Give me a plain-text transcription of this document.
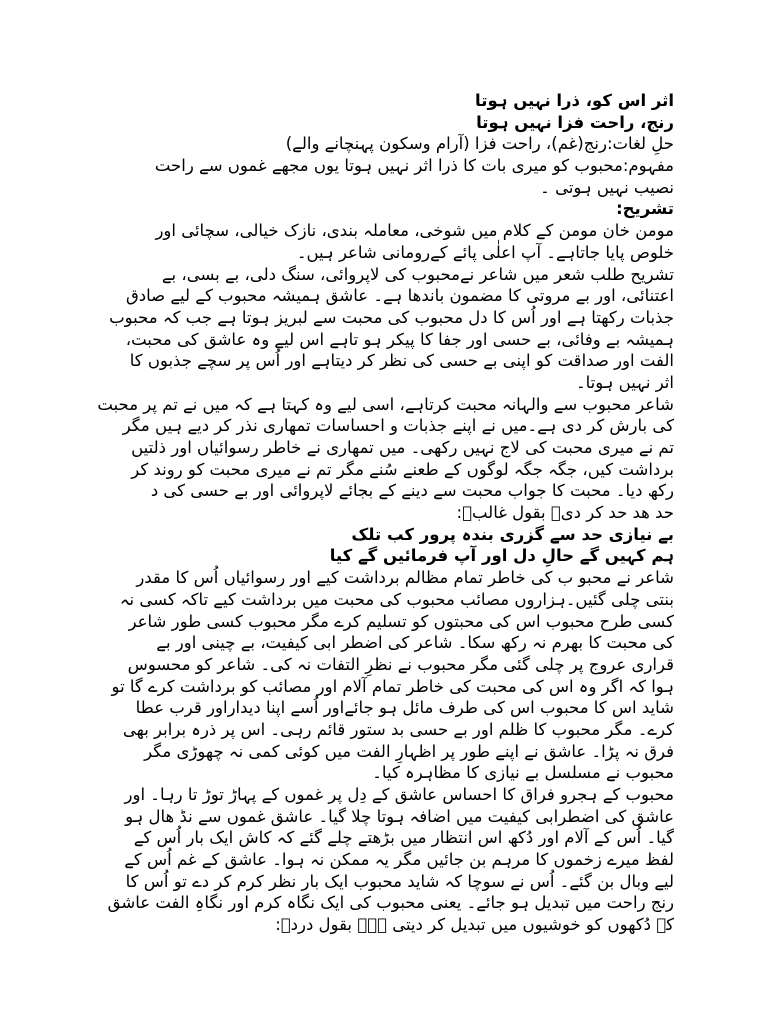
اثر اس کو، ذرا نہیں ہوتا
رنج، راحت فزا نہیں ہوتا
حلِ لغات:رنج(غم)، راحت فزا (آرام وسکون پہنچانے والے)
مفہوم:محبوب کو میری بات کا ذرا اثر نہیں ہوتا یوں مجھے غموں سے راحت
نصیب نہیں ہوتی ۔
تشریح:
مومن خان مومن کے کلام میں شوخی، معاملہ بندی، نازک خیالی، سچائی اور
خلوص پایا جاتاہے۔ آپ اعلٰی پائے کےرومانی شاعر ہیں۔
تشریح طلب شعر میں شاعر نےمحبوب کی لاپروائی، سنگ دلی، بے بسی، بے
اعتنائی، اور بے مروتی کا مضمون باندھا ہے۔ عاشق ہمیشہ محبوب کے لیے صادق
جذبات رکھتا ہے اور اُس کا دل محبوب کی محبت سے لبریز ہوتا ہے جب کہ محبوب
ہمیشہ بے وفائی، بے حسی اور جفا کا پیکر ہو تاہے اس لیے وہ عاشق کی محبت،
الفت اور صداقت کو اپنی بے حسی کی نظر کر دیتاہے اور اُس پر سچے جذبوں کا
اثر نہیں ہوتا۔
شاعر محبوب سے والہانہ محبت کرتاہے، اسی لیے وہ کہتا ہے کہ میں نے تم پر محبت
کی بارش کر دی ہے۔میں نے اپنے جذبات و احساسات تمھاری نذر کر دیے ہیں مگر
تم نے میری محبت کی لاج نہیں رکھی۔ میں تمھاری نے خاطر رسوائیاں اور ذلتیں
برداشت کیں، جگہ جگہ لوگوں کے طعنے سُنے مگر تم نے میری محبت کو روند کر
رکھ دیا۔ محبت کا جواب محبت سے دینے کے بجائے لاپروائی اور بے حسی کی د
حد ھد حد کر دی۔ بقول غالبؔ:
بے نیازی حد سے گزری بندہ پرور کب تلک
ہم کہیں گے حالِ دل اور آپ فرمائیں گے کیا
شاعر نے محبو ب کی خاطر تمام مظالم برداشت کیے اور رسوائیاں اُس کا مقدر
بنتی چلی گئیں۔ہزاروں مصائب محبوب کی محبت میں برداشت کیے تاکہ کسی نہ
کسی طرح محبوب اس کی محبتوں کو تسلیم کرے مگر محبوب کسی طور شاعر
کی محبت کا بھرم نہ رکھ سکا۔ شاعر کی اضطر ابی کیفیت، بے چینی اور بے
قراری عروج پر چلی گئی مگر محبوب نے نظرِ التفات نہ کی۔ شاعر کو محسوس
ہوا کہ اگر وہ اس کی محبت کی خاطر تمام آلام اور مصائب کو برداشت کرے گا تو
شاید اس کا محبوب اس کی طرف مائل ہو جائےاور اُسے اپنا دیداراور قرب عطا
کرے۔ مگر محبوب کا ظلم اور بے حسی بد ستور قائم رہی۔ اس پر ذرہ برابر بھی
فرق نہ پڑا۔ عاشق نے اپنے طور پر اظہارِ الفت میں کوئی کمی نہ چھوڑی مگر
محبوب نے مسلسل بے نیازی کا مظاہرہ کیا۔
محبوب کے ہجرو فراق کا احساس عاشق کے دِل پر غموں کے پہاڑ توڑ تا رہا۔ اور
عاشق کی اضطرابی کیفیت میں اضافہ ہوتا چلا گیا۔ عاشق غموں سے نڈ ھال ہو
گیا۔ اُس کے آلام اور دُکھ اس انتظار میں بڑھتے چلے گئے کہ کاش ایک بار اُس کے
لفظ میرے زخموں کا مرہم بن جائیں مگر یہ ممکن نہ ہوا۔ عاشق کے غم اُس کے
لیے وبال بن گئے۔ اُس نے سوچا کہ شاید محبوب ایک بار نظر کرم کر دے تو اُس کا
رنج راحت میں تبدیل ہو جائے۔ یعنی محبوب کی ایک نگاہ کرم اور نگاہِ الفت عاشق
کے دُکھوں کو خوشیوں میں تبدیل کر دیتی ہے۔ بقول دردؔ:
